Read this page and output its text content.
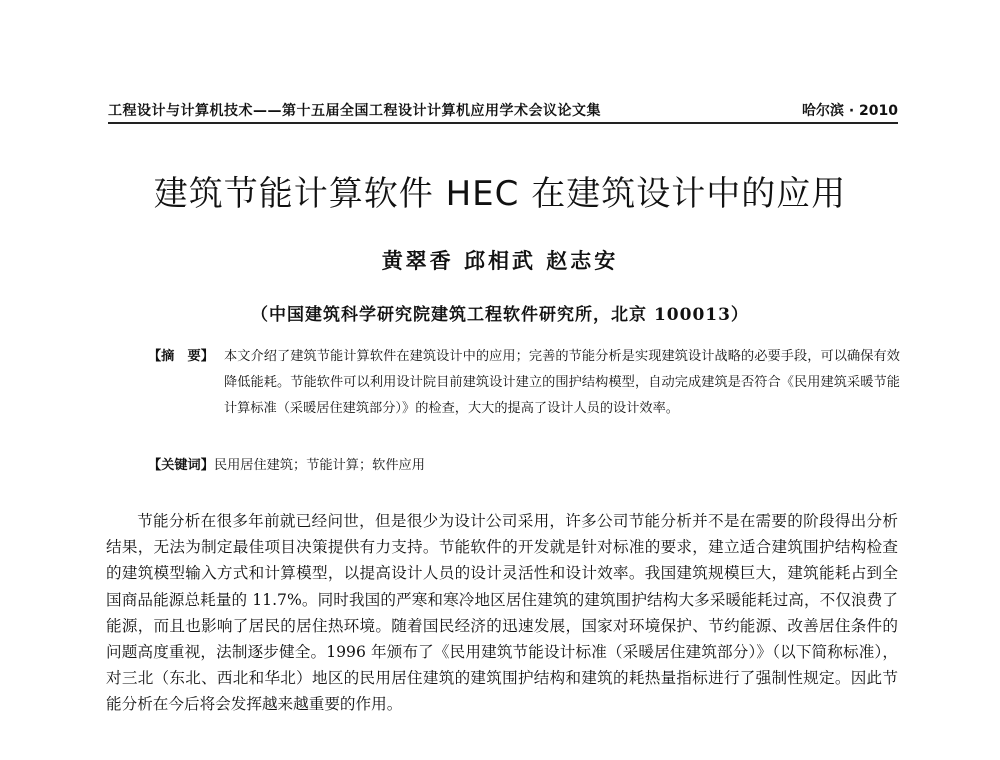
工程设计与计算机技术——第十五届全国工程设计计算机应用学术会议论文集	哈尔滨 · 2010
建筑节能计算软件 HEC 在建筑设计中的应用
黄翠香 邱相武 赵志安
（中国建筑科学研究院建筑工程软件研究所，北京 100013）
【摘　要】 本文介绍了建筑节能计算软件在建筑设计中的应用；完善的节能分析是实现建筑设计战略的必要手段，可以确保有效降低能耗。节能软件可以利用设计院目前建筑设计建立的围护结构模型，自动完成建筑是否符合《民用建筑采暖节能计算标准（采暖居住建筑部分）》的检查，大大的提高了设计人员的设计效率。
【关键词】民用居住建筑；节能计算；软件应用

节能分析在很多年前就已经问世，但是很少为设计公司采用，许多公司节能分析并不是在需要的阶段得出分析结果，无法为制定最佳项目决策提供有力支持。节能软件的开发就是针对标准的要求，建立适合建筑围护结构检查的建筑模型输入方式和计算模型，以提高设计人员的设计灵活性和设计效率。我国建筑规模巨大，建筑能耗占到全国商品能源总耗量的 11.7%。同时我国的严寒和寒冷地区居住建筑的建筑围护结构大多采暖能耗过高，不仅浪费了能源，而且也影响了居民的居住热环境。随着国民经济的迅速发展，国家对环境保护、节约能源、改善居住条件的问题高度重视，法制逐步健全。1996 年颁布了《民用建筑节能设计标准（采暖居住建筑部分）》（以下简称标准），对三北（东北、西北和华北）地区的民用居住建筑的建筑围护结构和建筑的耗热量指标进行了强制性规定。因此节能分析在今后将会发挥越来越重要的作用。
